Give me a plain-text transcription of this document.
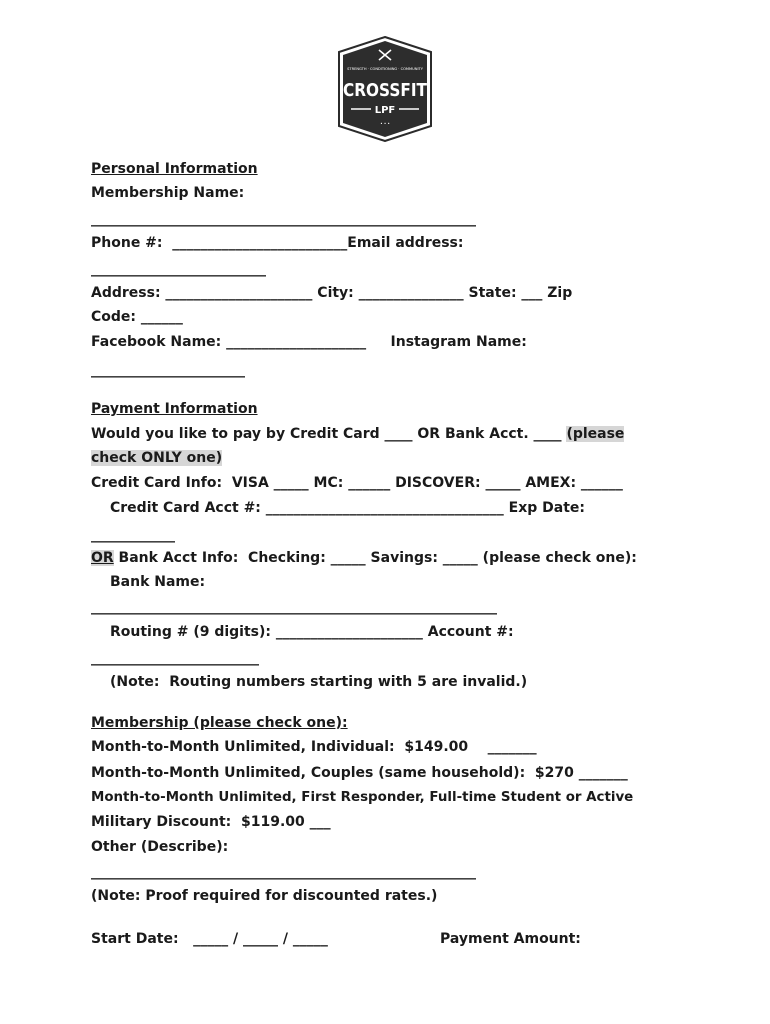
STRENGTH · CONDITIONING · COMMUNITY
CROSSFIT
LPF
• • •
Personal Information
Membership Name:
_______________________________________________________
Phone #:  _________________________Email address:
_________________________
Address: _____________________ City: _______________ State: ___ Zip
Code: ______
Facebook Name: ____________________     Instagram Name:
______________________
Payment Information
Would you like to pay by Credit Card ____ OR Bank Acct. ____ (please
check ONLY one)
Credit Card Info:  VISA _____ MC: ______ DISCOVER: _____ AMEX: ______
Credit Card Acct #: __________________________________ Exp Date:
____________
OR Bank Acct Info:  Checking: _____ Savings: _____ (please check one):
Bank Name:
__________________________________________________________
Routing # (9 digits): _____________________ Account #:
________________________
(Note:  Routing numbers starting with 5 are invalid.)
Membership (please check one):
Month-to-Month Unlimited, Individual:  $149.00    _______
Month-to-Month Unlimited, Couples (same household):  $270 _______
Month-to-Month Unlimited, First Responder, Full-time Student or Active
Military Discount:  $119.00 ___
Other (Describe):
_______________________________________________________
(Note: Proof required for discounted rates.)
Start Date:   _____ / _____ / _____	Payment Amount:
